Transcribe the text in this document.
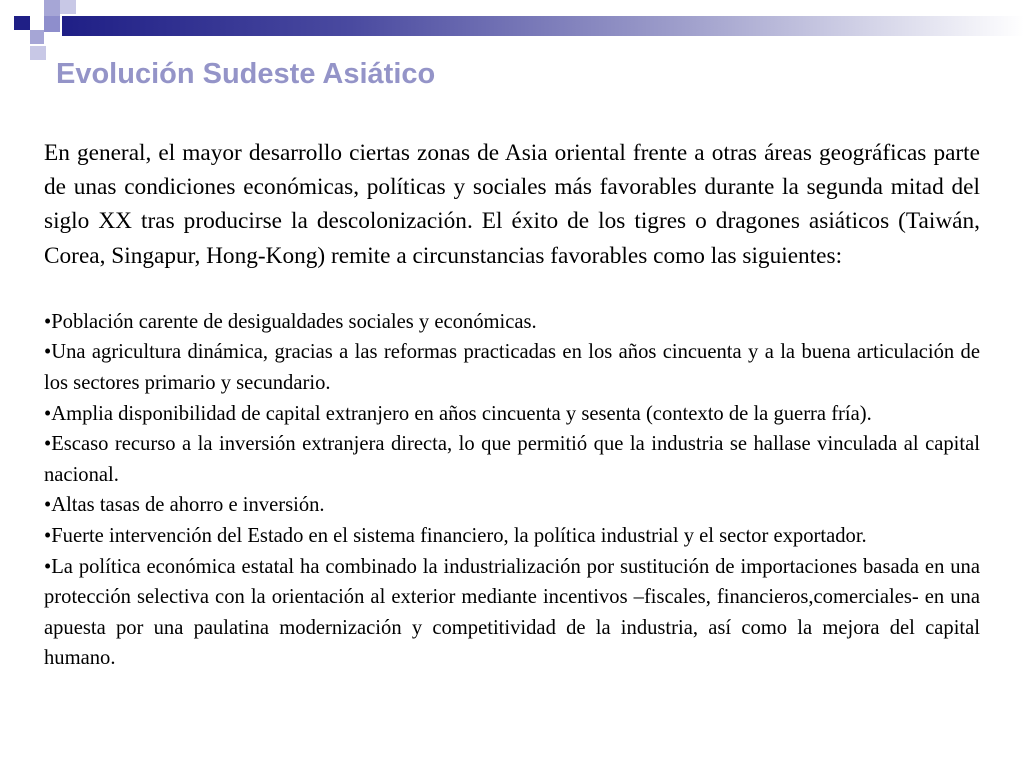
Evolución Sudeste Asiático

En general, el mayor desarrollo ciertas zonas de Asia oriental frente a otras áreas geográficas parte de unas condiciones económicas, políticas y sociales más favorables durante la segunda mitad del siglo XX tras producirse la descolonización. El éxito de los tigres o dragones asiáticos (Taiwán, Corea, Singapur, Hong-Kong) remite a circunstancias favorables como las siguientes:

•Población carente de desigualdades sociales y económicas.
•Una agricultura dinámica, gracias a las reformas practicadas en los años cincuenta y a la buena articulación de los sectores primario y secundario.
•Amplia disponibilidad de capital extranjero en años cincuenta y sesenta (contexto de la guerra fría).
•Escaso recurso a la inversión extranjera directa, lo que permitió que la industria se hallase vinculada al capital nacional.
•Altas tasas de ahorro e inversión.
•Fuerte intervención del Estado en el sistema financiero, la política industrial y el sector exportador.
•La política económica estatal ha combinado la industrialización por sustitución de importaciones basada en una protección selectiva con la orientación al exterior mediante incentivos –fiscales, financieros,comerciales- en una apuesta por una paulatina modernización y competitividad de la industria, así como la mejora del capital humano.
